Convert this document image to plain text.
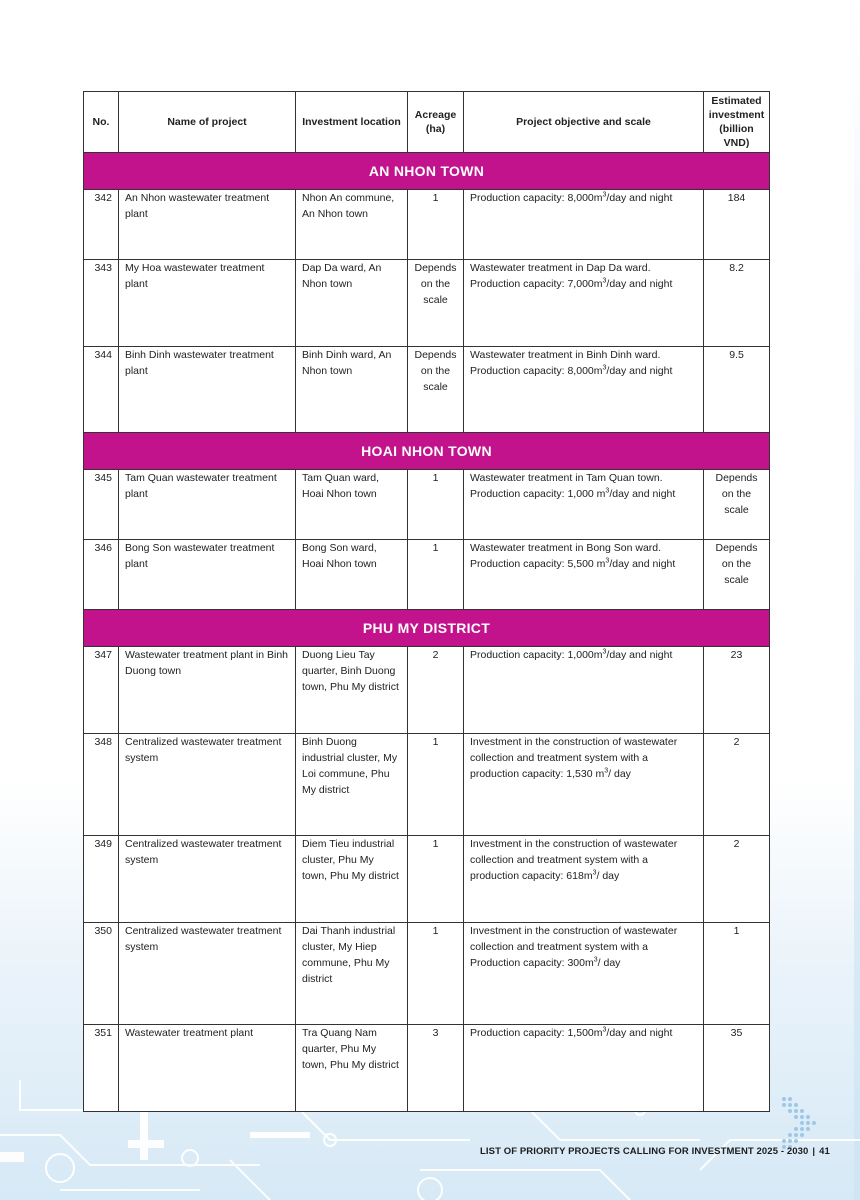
No.	Name of project	Investment location	Acreage (ha)	Project objective and scale	Estimated investment (billion VND)
AN NHON TOWN					
342	An Nhon wastewater treatment plant	Nhon An commune, An Nhon town	1	Production capacity: $8,000m^3$/day and night	184
343	My Hoa wastewater treatment plant	Dap Da ward, An Nhon town	Depends on the scale	Wastewater treatment in Dap Da ward. Production capacity: $7,000m^3$/day and night	8.2
344	Binh Dinh wastewater treatment plant	Binh Dinh ward, An Nhon town	Depends on the scale	Wastewater treatment in Binh Dinh ward. Production capacity: $8,000m^3$/day and night	9.5
HOAI NHON TOWN					
345	Tam Quan wastewater treatment plant	Tam Quan ward, Hoai Nhon town	1	Wastewater treatment in Tam Quan town. Production capacity: 1,000 $m^3$/day and night	Depends on the scale
346	Bong Son wastewater treatment plant	Bong Son ward, Hoai Nhon town	1	Wastewater treatment in Bong Son ward. Production capacity: 5,500 $m^3$/day and night	Depends on the scale
PHU MY DISTRICT					
347	Wastewater treatment plant in Binh Duong town	Duong Lieu Tay quarter, Binh Duong town, Phu My district	2	Production capacity: $1,000m^3$/day and night	23
348	Centralized wastewater treatment system	Binh Duong industrial cluster, My Loi commune, Phu My district	1	Investment in the construction of wastewater collection and treatment system with a production capacity: 1,530 $m^3/$ day	2
349	Centralized wastewater treatment system	Diem Tieu industrial cluster, Phu My town, Phu My district	1	Investment in the construction of wastewater collection and treatment system with a production capacity: $618m^3/$ day	2
350	Centralized wastewater treatment system	Dai Thanh industrial cluster, My Hiep commune, Phu My district	1	Investment in the construction of wastewater collection and treatment system with a Production capacity: $300m^3/$ day	1
351	Wastewater treatment plant	Tra Quang Nam quarter, Phu My town, Phu My district	3	Production capacity: $1,500m^3$/day and night	35
LIST OF PRIORITY PROJECTS CALLING FOR INVESTMENT 2025 - 2030 | 41
